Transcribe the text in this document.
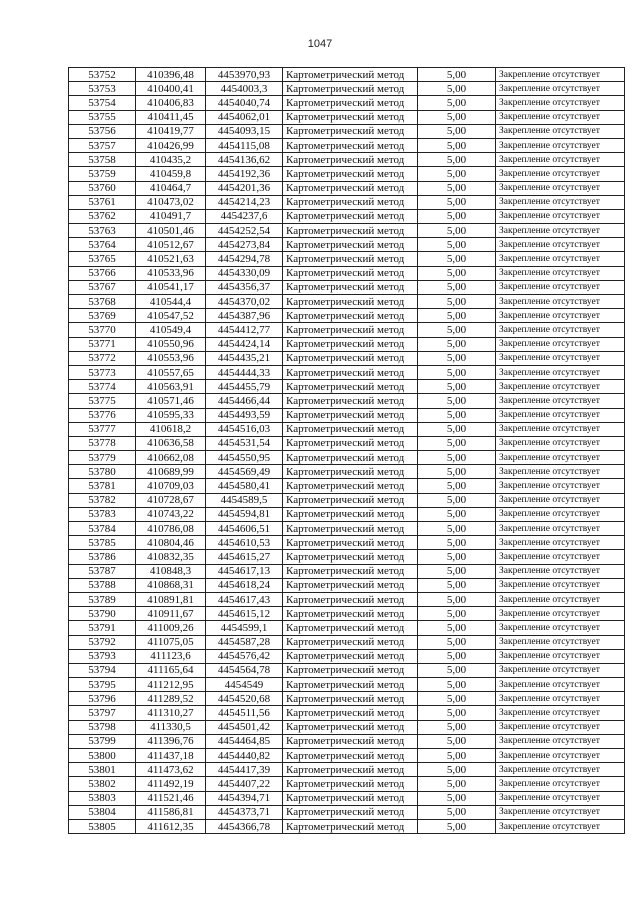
1047
53752	410396,48	4453970,93	Картометрический метод	5,00	Закрепление отсутствует
53753	410400,41	4454003,3	Картометрический метод	5,00	Закрепление отсутствует
53754	410406,83	4454040,74	Картометрический метод	5,00	Закрепление отсутствует
53755	410411,45	4454062,01	Картометрический метод	5,00	Закрепление отсутствует
53756	410419,77	4454093,15	Картометрический метод	5,00	Закрепление отсутствует
53757	410426,99	4454115,08	Картометрический метод	5,00	Закрепление отсутствует
53758	410435,2	4454136,62	Картометрический метод	5,00	Закрепление отсутствует
53759	410459,8	4454192,36	Картометрический метод	5,00	Закрепление отсутствует
53760	410464,7	4454201,36	Картометрический метод	5,00	Закрепление отсутствует
53761	410473,02	4454214,23	Картометрический метод	5,00	Закрепление отсутствует
53762	410491,7	4454237,6	Картометрический метод	5,00	Закрепление отсутствует
53763	410501,46	4454252,54	Картометрический метод	5,00	Закрепление отсутствует
53764	410512,67	4454273,84	Картометрический метод	5,00	Закрепление отсутствует
53765	410521,63	4454294,78	Картометрический метод	5,00	Закрепление отсутствует
53766	410533,96	4454330,09	Картометрический метод	5,00	Закрепление отсутствует
53767	410541,17	4454356,37	Картометрический метод	5,00	Закрепление отсутствует
53768	410544,4	4454370,02	Картометрический метод	5,00	Закрепление отсутствует
53769	410547,52	4454387,96	Картометрический метод	5,00	Закрепление отсутствует
53770	410549,4	4454412,77	Картометрический метод	5,00	Закрепление отсутствует
53771	410550,96	4454424,14	Картометрический метод	5,00	Закрепление отсутствует
53772	410553,96	4454435,21	Картометрический метод	5,00	Закрепление отсутствует
53773	410557,65	4454444,33	Картометрический метод	5,00	Закрепление отсутствует
53774	410563,91	4454455,79	Картометрический метод	5,00	Закрепление отсутствует
53775	410571,46	4454466,44	Картометрический метод	5,00	Закрепление отсутствует
53776	410595,33	4454493,59	Картометрический метод	5,00	Закрепление отсутствует
53777	410618,2	4454516,03	Картометрический метод	5,00	Закрепление отсутствует
53778	410636,58	4454531,54	Картометрический метод	5,00	Закрепление отсутствует
53779	410662,08	4454550,95	Картометрический метод	5,00	Закрепление отсутствует
53780	410689,99	4454569,49	Картометрический метод	5,00	Закрепление отсутствует
53781	410709,03	4454580,41	Картометрический метод	5,00	Закрепление отсутствует
53782	410728,67	4454589,5	Картометрический метод	5,00	Закрепление отсутствует
53783	410743,22	4454594,81	Картометрический метод	5,00	Закрепление отсутствует
53784	410786,08	4454606,51	Картометрический метод	5,00	Закрепление отсутствует
53785	410804,46	4454610,53	Картометрический метод	5,00	Закрепление отсутствует
53786	410832,35	4454615,27	Картометрический метод	5,00	Закрепление отсутствует
53787	410848,3	4454617,13	Картометрический метод	5,00	Закрепление отсутствует
53788	410868,31	4454618,24	Картометрический метод	5,00	Закрепление отсутствует
53789	410891,81	4454617,43	Картометрический метод	5,00	Закрепление отсутствует
53790	410911,67	4454615,12	Картометрический метод	5,00	Закрепление отсутствует
53791	411009,26	4454599,1	Картометрический метод	5,00	Закрепление отсутствует
53792	411075,05	4454587,28	Картометрический метод	5,00	Закрепление отсутствует
53793	411123,6	4454576,42	Картометрический метод	5,00	Закрепление отсутствует
53794	411165,64	4454564,78	Картометрический метод	5,00	Закрепление отсутствует
53795	411212,95	4454549	Картометрический метод	5,00	Закрепление отсутствует
53796	411289,52	4454520,68	Картометрический метод	5,00	Закрепление отсутствует
53797	411310,27	4454511,56	Картометрический метод	5,00	Закрепление отсутствует
53798	411330,5	4454501,42	Картометрический метод	5,00	Закрепление отсутствует
53799	411396,76	4454464,85	Картометрический метод	5,00	Закрепление отсутствует
53800	411437,18	4454440,82	Картометрический метод	5,00	Закрепление отсутствует
53801	411473,62	4454417,39	Картометрический метод	5,00	Закрепление отсутствует
53802	411492,19	4454407,22	Картометрический метод	5,00	Закрепление отсутствует
53803	411521,46	4454394,71	Картометрический метод	5,00	Закрепление отсутствует
53804	411586,81	4454373,71	Картометрический метод	5,00	Закрепление отсутствует
53805	411612,35	4454366,78	Картометрический метод	5,00	Закрепление отсутствует
